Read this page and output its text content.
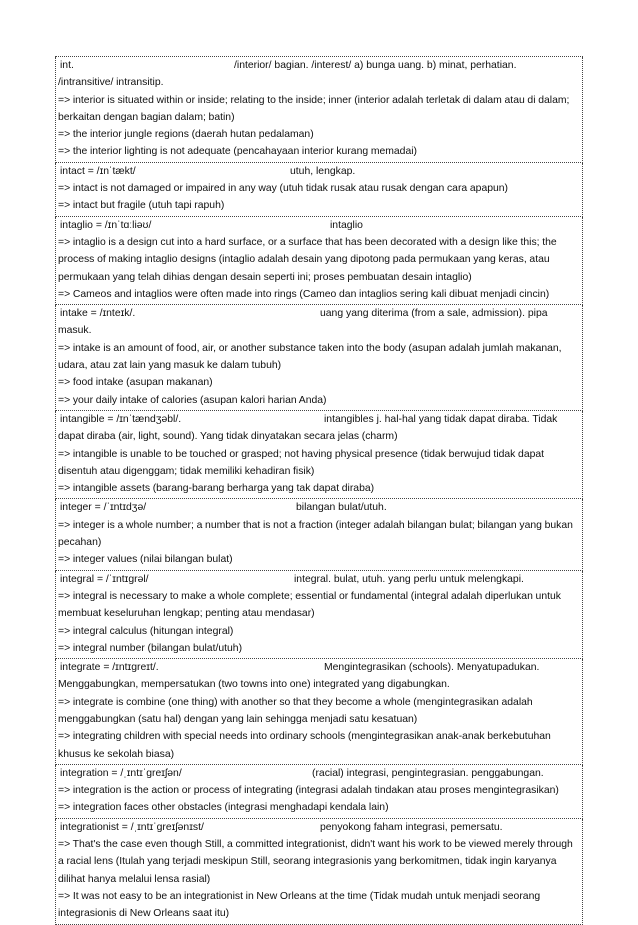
int.	/interior/ bagian. /interest/ a) bunga uang. b) minat, perhatian.
/intransitive/ intransitip.
=> interior is situated within or inside; relating to the inside; inner (interior adalah terletak di dalam atau di dalam; berkaitan dengan bagian dalam; batin)
=> the interior jungle regions (daerah hutan pedalaman)
=> the interior lighting is not adequate (pencahayaan interior kurang memadai)
intact = /ɪnˈtækt/	utuh, lengkap.
=> intact is not damaged or impaired in any way (utuh tidak rusak atau rusak dengan cara apapun)
=> intact but fragile (utuh tapi rapuh)
intaglio = /ɪnˈtɑːliəʊ/	intaglio
=> intaglio is a design cut into a hard surface, or a surface that has been decorated with a design like this; the process of making intaglio designs (intaglio adalah desain yang dipotong pada permukaan yang keras, atau permukaan yang telah dihias dengan desain seperti ini; proses pembuatan desain intaglio)
=> Cameos and intaglios were often made into rings (Cameo dan intaglios sering kali dibuat menjadi cincin)
intake = /ɪnteɪk/.	uang yang diterima (from a sale, admission). pipa
masuk.
=> intake is an amount of food, air, or another substance taken into the body (asupan adalah jumlah makanan, udara, atau zat lain yang masuk ke dalam tubuh)
=> food intake (asupan makanan)
=> your daily intake of calories (asupan kalori harian Anda)
intangible = /ɪnˈtændʒəbl/.	intangibles j. hal-hal yang tidak dapat diraba. Tidak
dapat diraba (air, light, sound). Yang tidak dinyatakan secara jelas (charm)
=> intangible is unable to be touched or grasped; not having physical presence (tidak berwujud tidak dapat disentuh atau digenggam; tidak memiliki kehadiran fisik)
=> intangible assets (barang-barang berharga yang tak dapat diraba)
integer = /ˈɪntɪdʒə/	bilangan bulat/utuh.
=> integer is a whole number; a number that is not a fraction (integer adalah bilangan bulat; bilangan yang bukan pecahan)
=> integer values (nilai bilangan bulat)
integral = /ˈɪntɪɡrəl/	integral. bulat, utuh. yang perlu untuk melengkapi.
=> integral is necessary to make a whole complete; essential or fundamental (integral adalah diperlukan untuk membuat keseluruhan lengkap; penting atau mendasar)
=> integral calculus (hitungan integral)
=> integral number (bilangan bulat/utuh)
integrate = /ɪntɪɡreɪt/.	Mengintegrasikan (schools). Menyatupadukan.
Menggabungkan, mempersatukan (two towns into one) integrated yang digabungkan.
=> integrate is combine (one thing) with another so that they become a whole (mengintegrasikan adalah menggabungkan (satu hal) dengan yang lain sehingga menjadi satu kesatuan)
=> integrating children with special needs into ordinary schools (mengintegrasikan anak-anak berkebutuhan khusus ke sekolah biasa)
integration = /ˌɪntɪˈɡreɪʃən/	(racial) integrasi, pengintegrasian. penggabungan.
=> integration is the action or process of integrating (integrasi adalah tindakan atau proses mengintegrasikan)
=> integration faces other obstacles (integrasi menghadapi kendala lain)
integrationist = /ˌɪntɪˈɡreɪʃənɪst/	penyokong faham integrasi, pemersatu.
=> That's the case even though Still, a committed integrationist, didn't want his work to be viewed merely through a racial lens (Itulah yang terjadi meskipun Still, seorang integrasionis yang berkomitmen, tidak ingin karyanya dilihat hanya melalui lensa rasial)
=> It was not easy to be an integrationist in New Orleans at the time (Tidak mudah untuk menjadi seorang integrasionis di New Orleans saat itu)
